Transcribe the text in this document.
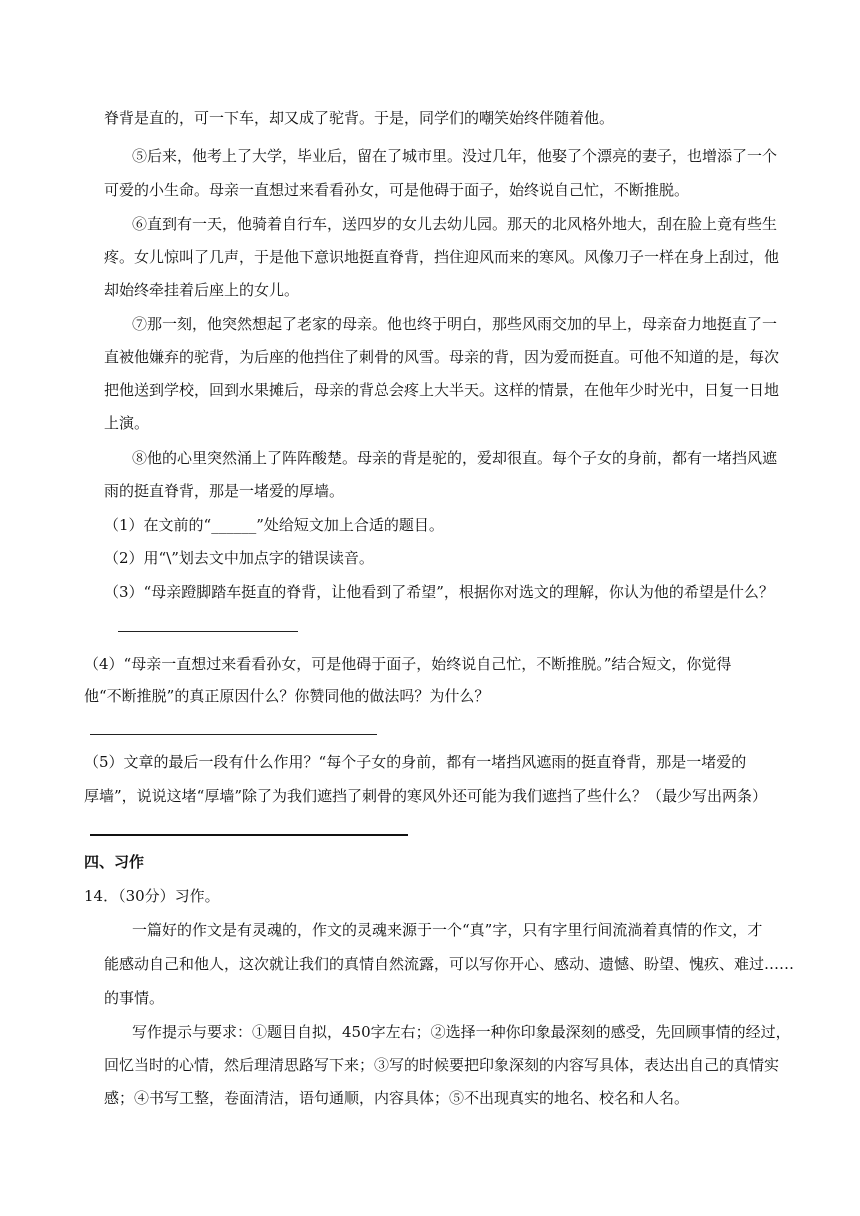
脊背是直的，可一下车，却又成了驼背。于是，同学们的嘲笑始终伴随着他。
⑤后来，他考上了大学，毕业后，留在了城市里。没过几年，他娶了个漂亮的妻子，也增添了一个
可爱的小生命。母亲一直想过来看看孙女，可是他碍于面子，始终说自己忙，不断推脱。
⑥直到有一天，他骑着自行车，送四岁的女儿去幼儿园。那天的北风格外地大，刮在脸上竟有些生
疼。女儿惊叫了几声，于是他下意识地挺直脊背，挡住迎风而来的寒风。风像刀子一样在身上刮过，他
却始终牵挂着后座上的女儿。
⑦那一刻，他突然想起了老家的母亲。他也终于明白，那些风雨交加的早上，母亲奋力地挺直了一
直被他嫌弃的驼背，为后座的他挡住了刺骨的风雪。母亲的背，因为爱而挺直。可他不知道的是，每次
把他送到学校，回到水果摊后，母亲的背总会疼上大半天。这样的情景，在他年少时光中，日复一日地
上演。
⑧他的心里突然涌上了阵阵酸楚。母亲的背是驼的，爱却很直。每个子女的身前，都有一堵挡风遮
雨的挺直脊背，那是一堵爱的厚墙。
（1）在文前的“______”处给短文加上合适的题目。
（2）用“\”划去文中加点字的错误读音。
（3）“母亲蹬脚踏车挺直的脊背，让他看到了希望”，根据你对选文的理解，你认为他的希望是什么？
（4）“母亲一直想过来看看孙女，可是他碍于面子，始终说自己忙，不断推脱。”结合短文，你觉得
他“不断推脱”的真正原因什么？你赞同他的做法吗？为什么？
（5）文章的最后一段有什么作用？“每个子女的身前，都有一堵挡风遮雨的挺直脊背，那是一堵爱的
厚墙”，说说这堵“厚墙”除了为我们遮挡了刺骨的寒风外还可能为我们遮挡了些什么？（最少写出两条）
四、习作
14．（30分）习作。
一篇好的作文是有灵魂的，作文的灵魂来源于一个“真”字，只有字里行间流淌着真情的作文，才
能感动自己和他人，这次就让我们的真情自然流露，可以写你开心、感动、遗憾、盼望、愧疚、难过……
的事情。
写作提示与要求：①题目自拟，450字左右；②选择一种你印象最深刻的感受，先回顾事情的经过，
回忆当时的心情，然后理清思路写下来；③写的时候要把印象深刻的内容写具体，表达出自己的真情实
感；④书写工整，卷面清洁，语句通顺，内容具体；⑤不出现真实的地名、校名和人名。
